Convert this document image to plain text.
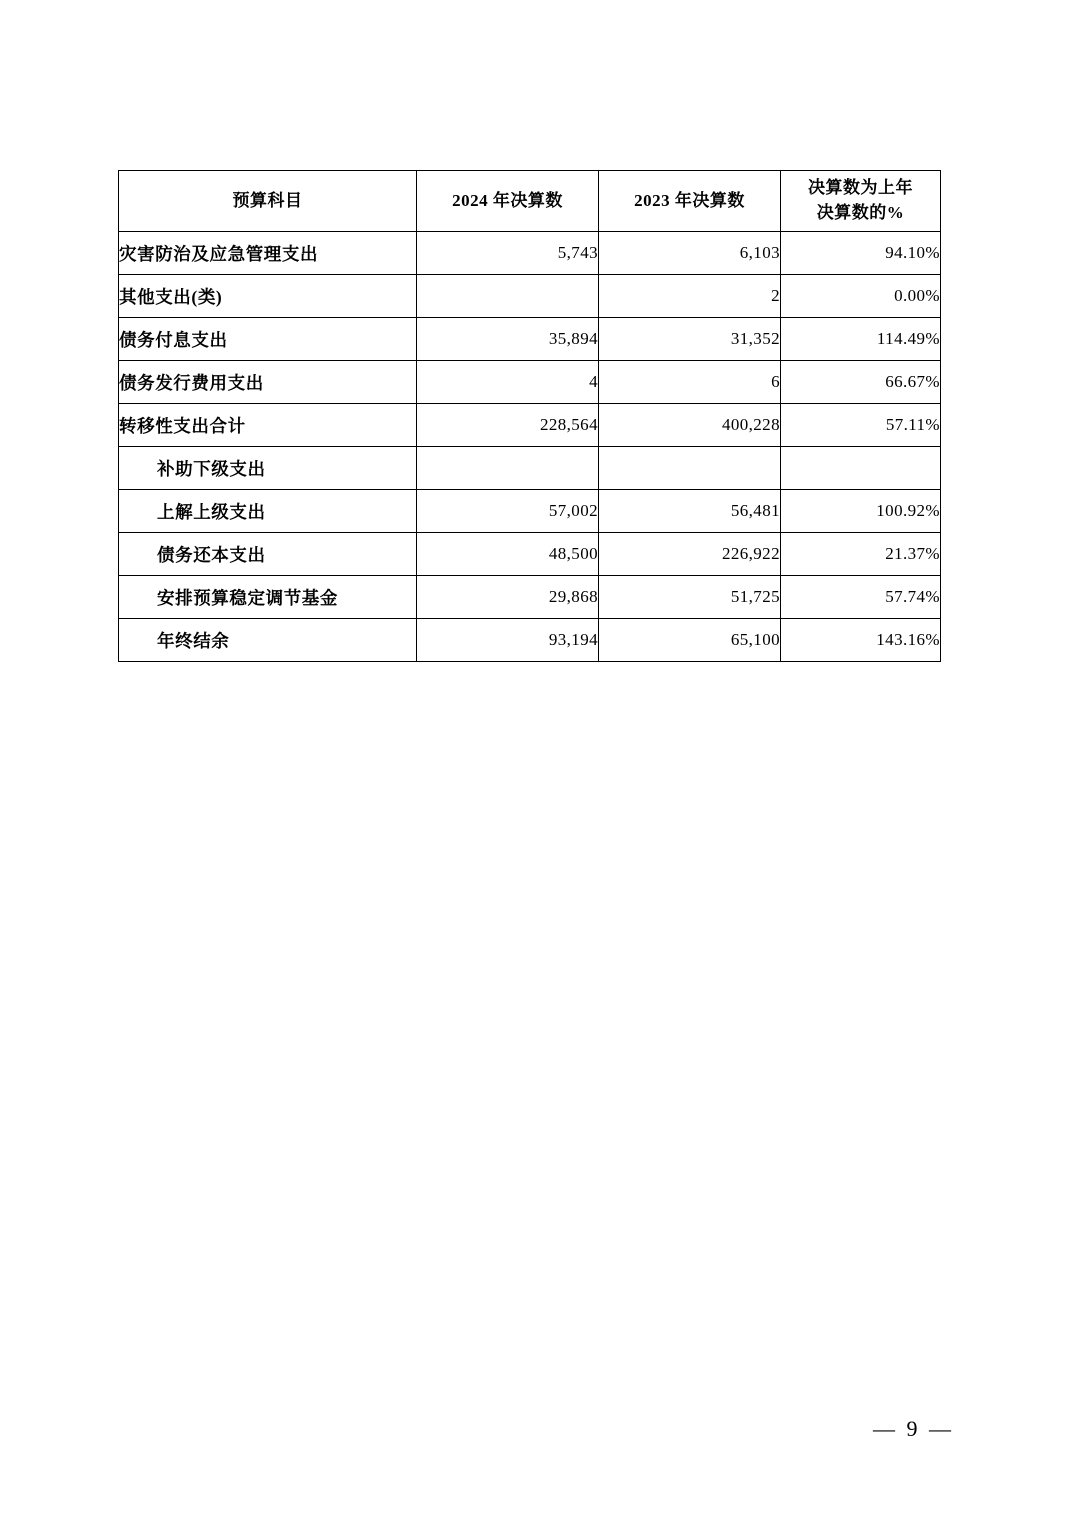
预算科目	2024 年决算数	2023 年决算数	决算数为上年
决算数的%

灾害防治及应急管理支出	5,743	6,103	94.10%
其他支出(类)		2	0.00%
债务付息支出	35,894	31,352	114.49%
债务发行费用支出	4	6	66.67%
转移性支出合计	228,564	400,228	57.11%
补助下级支出			
上解上级支出	57,002	56,481	100.92%
债务还本支出	48,500	226,922	21.37%
安排预算稳定调节基金	29,868	51,725	57.74%
年终结余	93,194	65,100	143.16%
— 9 —
